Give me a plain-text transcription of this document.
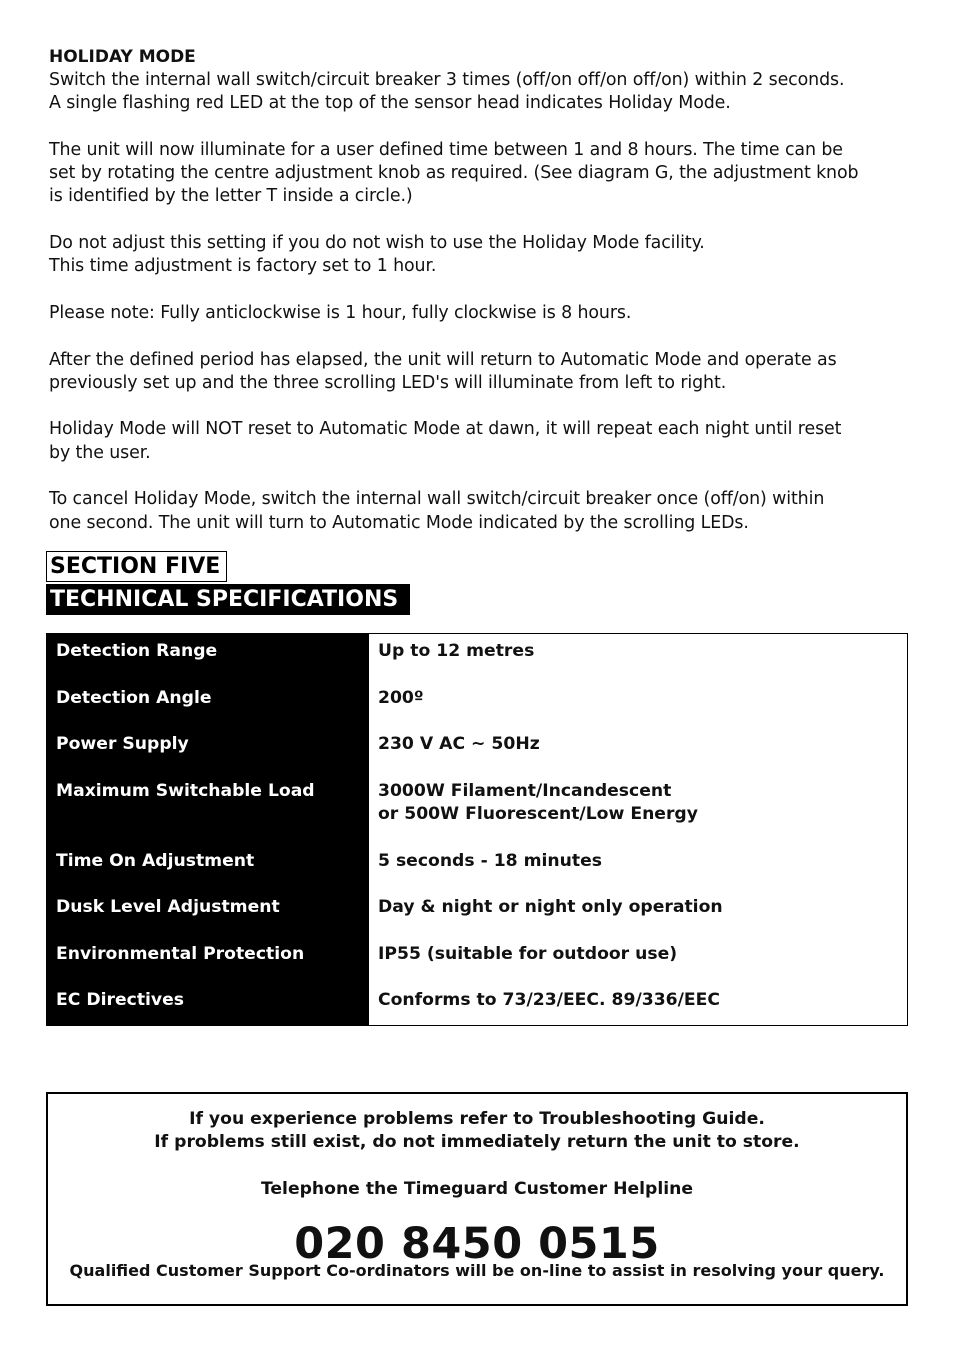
HOLIDAY MODE

Switch the internal wall switch/circuit breaker 3 times (off/on off/on off/on) within 2 seconds.
A single flashing red LED at the top of the sensor head indicates Holiday Mode.

The unit will now illuminate for a user defined time between 1 and 8 hours. The time can be
set by rotating the centre adjustment knob as required. (See diagram G, the adjustment knob
is identified by the letter T inside a circle.)

Do not adjust this setting if you do not wish to use the Holiday Mode facility.
This time adjustment is factory set to 1 hour.

Please note: Fully anticlockwise is 1 hour, fully clockwise is 8 hours.

After the defined period has elapsed, the unit will return to Automatic Mode and operate as
previously set up and the three scrolling LED's will illuminate from left to right.

Holiday Mode will NOT reset to Automatic Mode at dawn, it will repeat each night until reset
by the user.

To cancel Holiday Mode, switch the internal wall switch/circuit breaker once (off/on) within
one second. The unit will turn to Automatic Mode indicated by the scrolling LEDs.

SECTION FIVE
TECHNICAL SPECIFICATIONS
Detection Range
Detection Angle
Power Supply
Maximum Switchable Load
Time On Adjustment
Dusk Level Adjustment
Environmental Protection
EC Directives
Up to 12 metres
200º
230 V AC ~ 50Hz
3000W Filament/Incandescent
or 500W Fluorescent/Low Energy
5 seconds - 18 minutes
Day & night or night only operation
IP55 (suitable for outdoor use)
Conforms to 73/23/EEC. 89/336/EEC

If you experience problems refer to Troubleshooting Guide.
If problems still exist, do not immediately return the unit to store.

Telephone the Timeguard Customer Helpline

020 8450 0515

Qualified Customer Support Co-ordinators will be on-line to assist in resolving your query.
